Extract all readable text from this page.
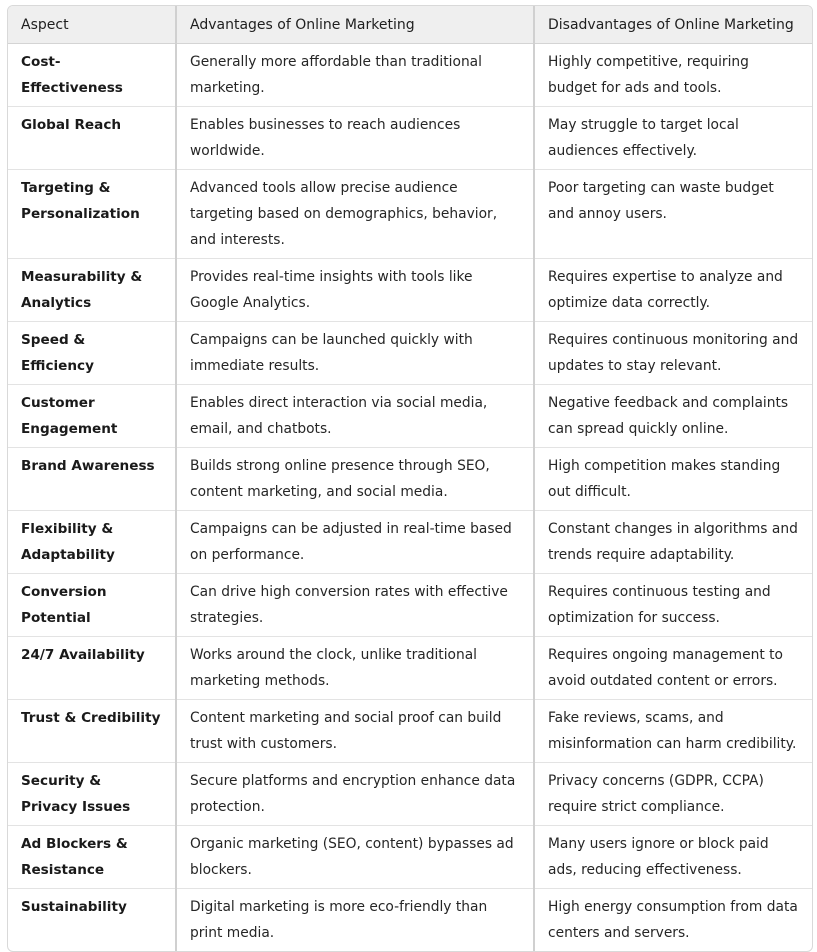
Aspect	Advantages of Online Marketing	Disadvantages of Online Marketing
Cost-Effectiveness	Generally more affordable than traditional marketing.	Highly competitive, requiring budget for ads and tools.
Global Reach	Enables businesses to reach audiences worldwide.	May struggle to target local audiences effectively.
Targeting & Personalization	Advanced tools allow precise audience targeting based on demographics, behavior, and interests.	Poor targeting can waste budget and annoy users.
Measurability & Analytics	Provides real-time insights with tools like Google Analytics.	Requires expertise to analyze and optimize data correctly.
Speed & Efficiency	Campaigns can be launched quickly with immediate results.	Requires continuous monitoring and updates to stay relevant.
Customer Engagement	Enables direct interaction via social media, email, and chatbots.	Negative feedback and complaints can spread quickly online.
Brand Awareness	Builds strong online presence through SEO, content marketing, and social media.	High competition makes standing out difficult.
Flexibility & Adaptability	Campaigns can be adjusted in real-time based on performance.	Constant changes in algorithms and trends require adaptability.
Conversion Potential	Can drive high conversion rates with effective strategies.	Requires continuous testing and optimization for success.
24/7 Availability	Works around the clock, unlike traditional marketing methods.	Requires ongoing management to avoid outdated content or errors.
Trust & Credibility	Content marketing and social proof can build trust with customers.	Fake reviews, scams, and misinformation can harm credibility.
Security & Privacy Issues	Secure platforms and encryption enhance data protection.	Privacy concerns (GDPR, CCPA) require strict compliance.
Ad Blockers & Resistance	Organic marketing (SEO, content) bypasses ad blockers.	Many users ignore or block paid ads, reducing effectiveness.
Sustainability	Digital marketing is more eco-friendly than print media.	High energy consumption from data centers and servers.
